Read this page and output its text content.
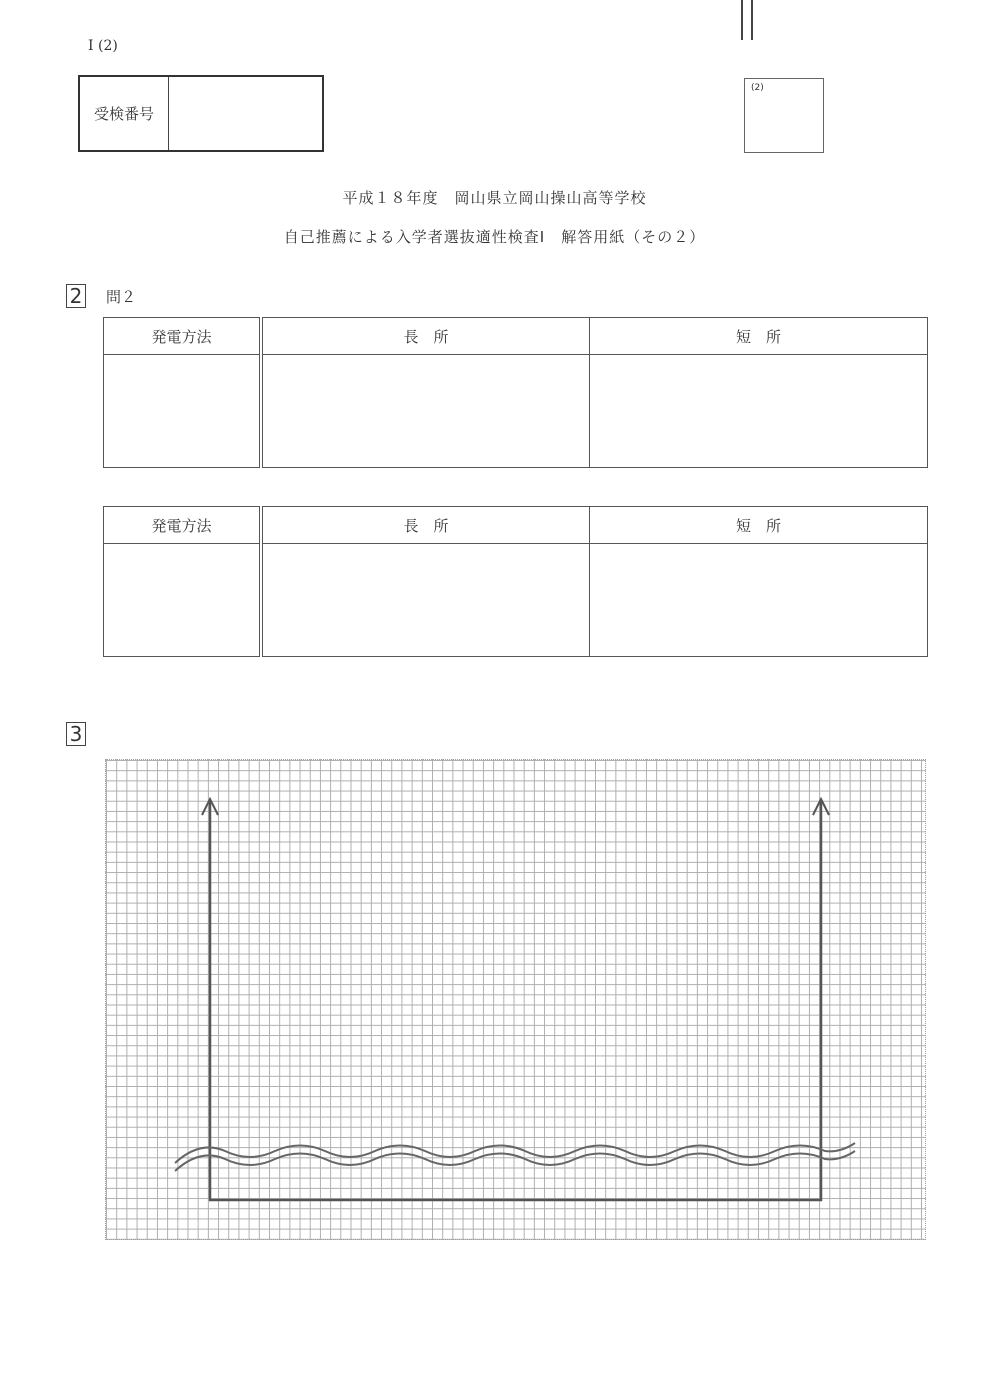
I (2)
受検番号
(2)
平成１８年度　岡山県立岡山操山高等学校
自己推薦による入学者選抜適性検査Ⅰ　解答用紙（その２）
2 問２
発電方法	長　所	短　所

発電方法	長　所	短　所

3
